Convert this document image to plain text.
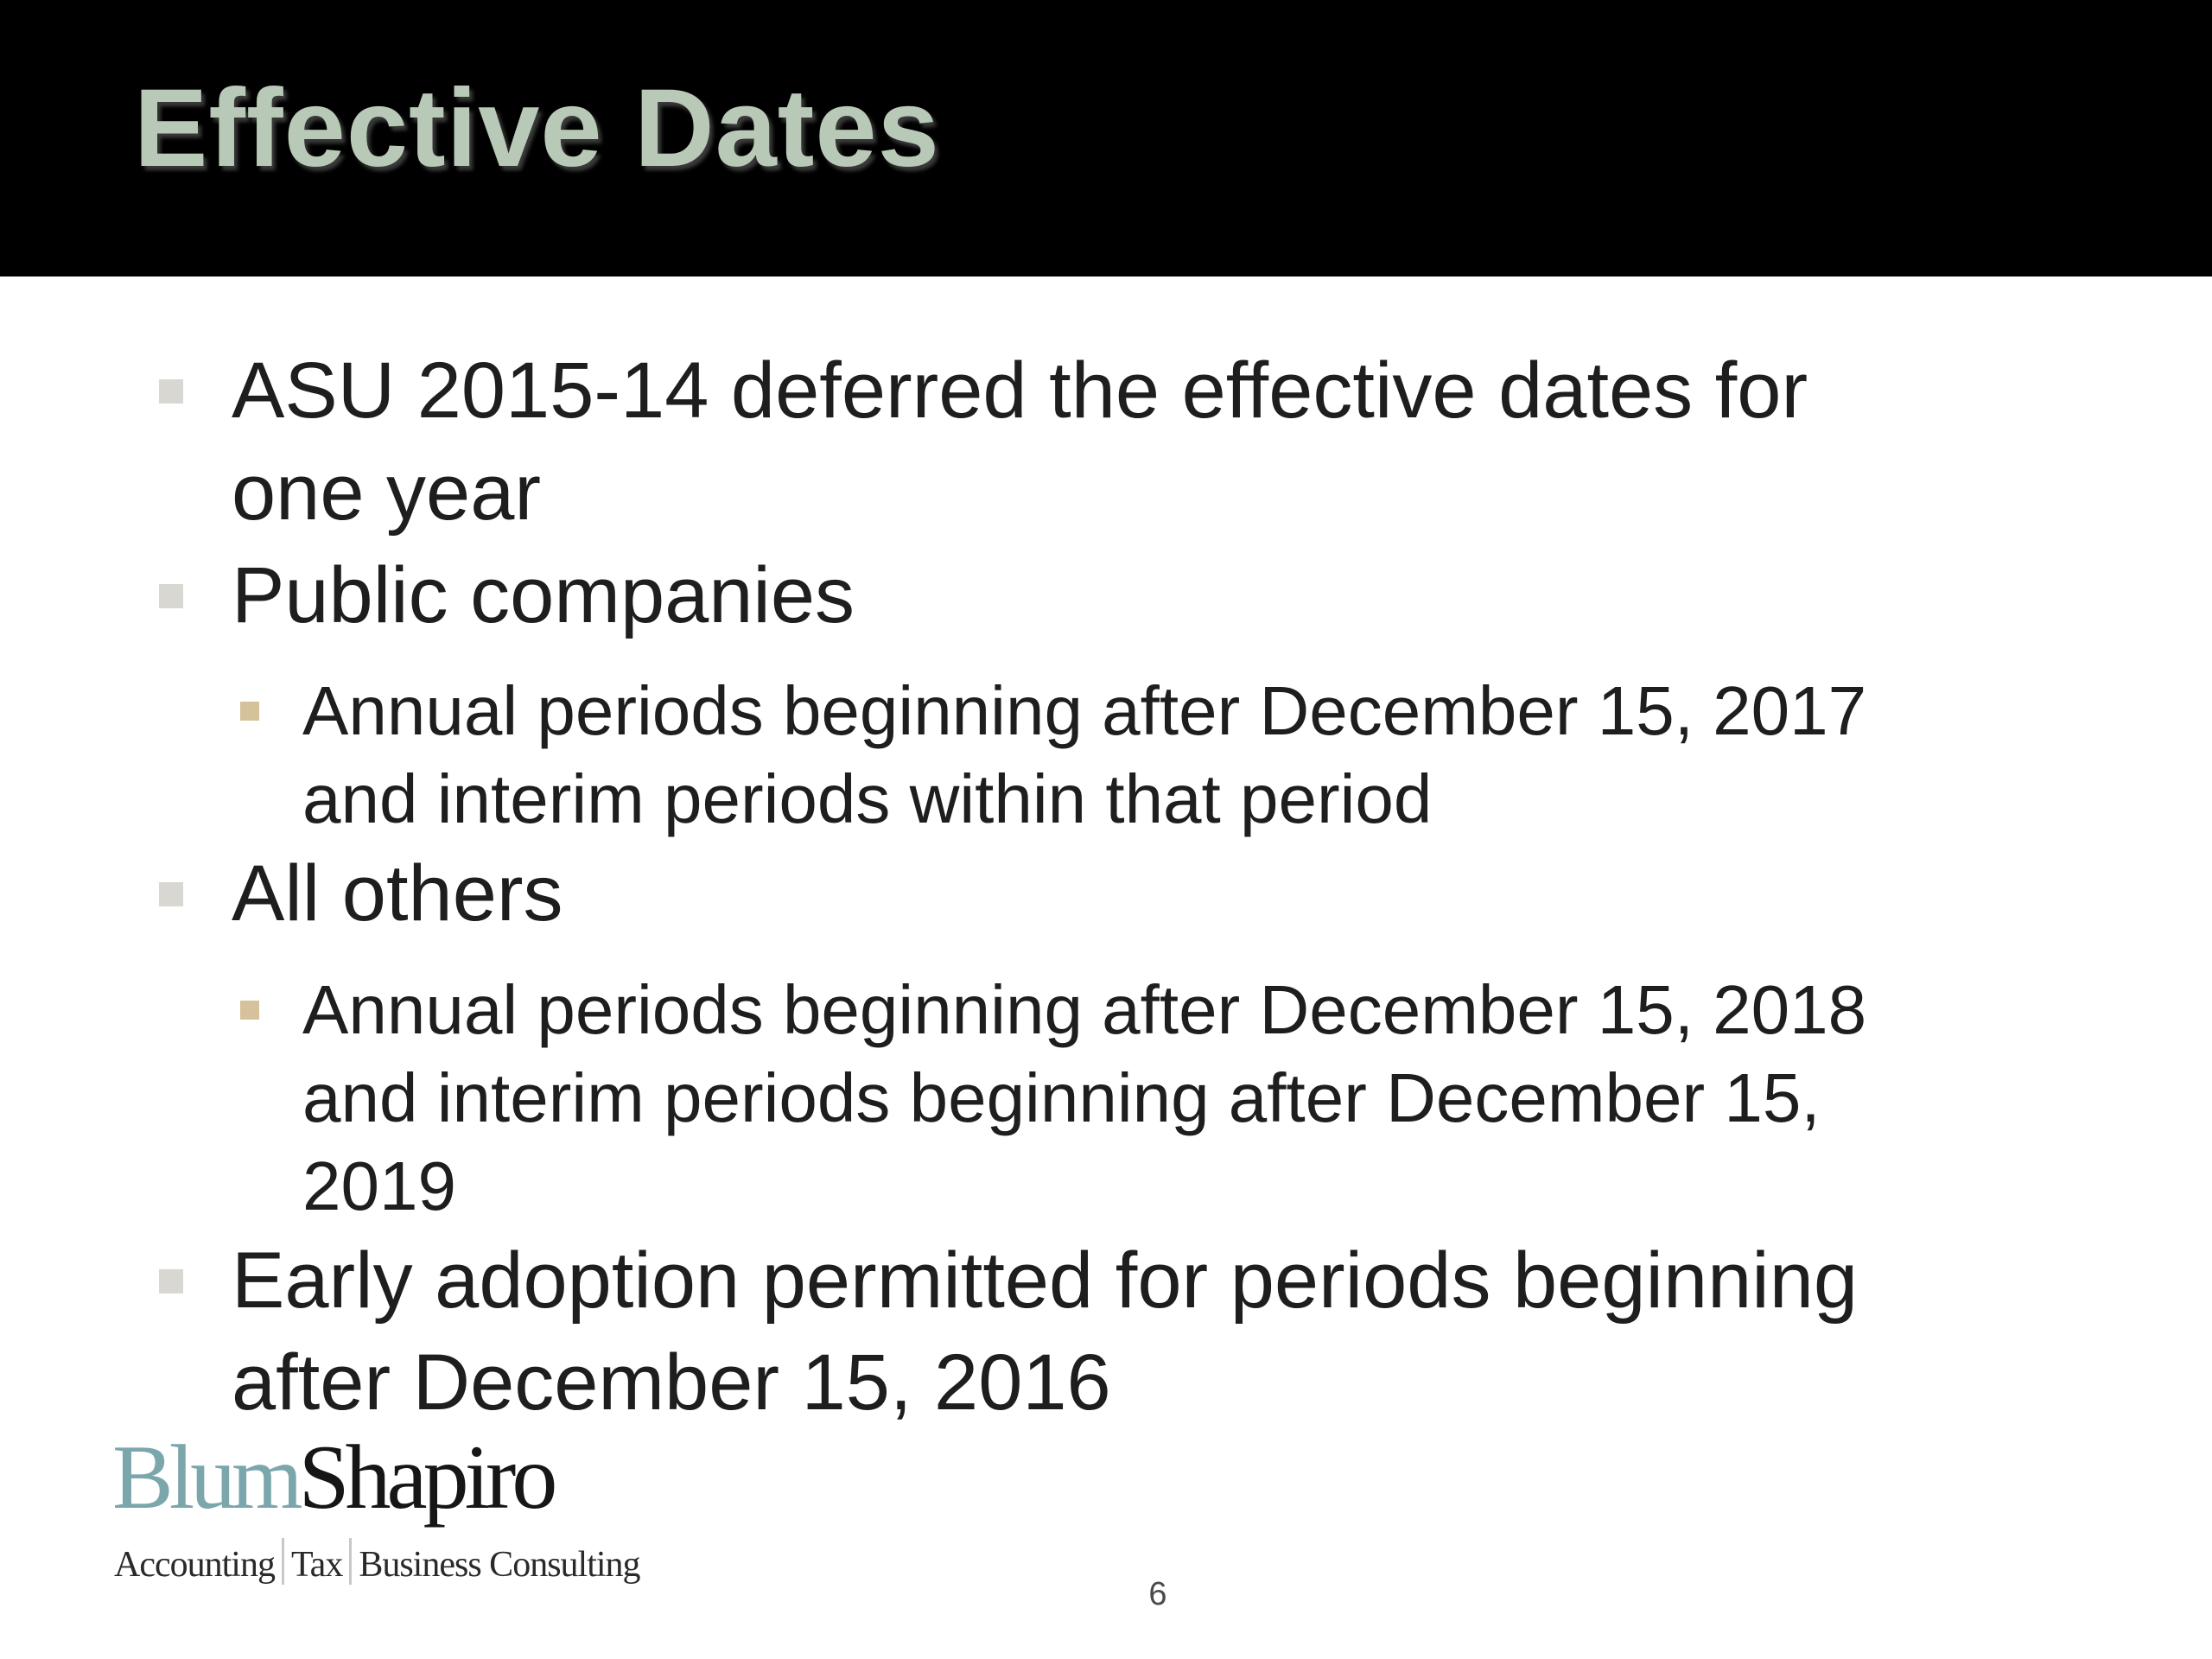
Effective Dates
ASU 2015-14 deferred the effective dates for
one year
Public companies
Annual periods beginning after December 15, 2017
and interim periods within that period
All others
Annual periods beginning after December 15, 2018
and interim periods beginning after December 15,
2019
Early adoption permitted for periods beginning
after December 15, 2016
BlumShapiro
Accounting Tax Business Consulting
6
